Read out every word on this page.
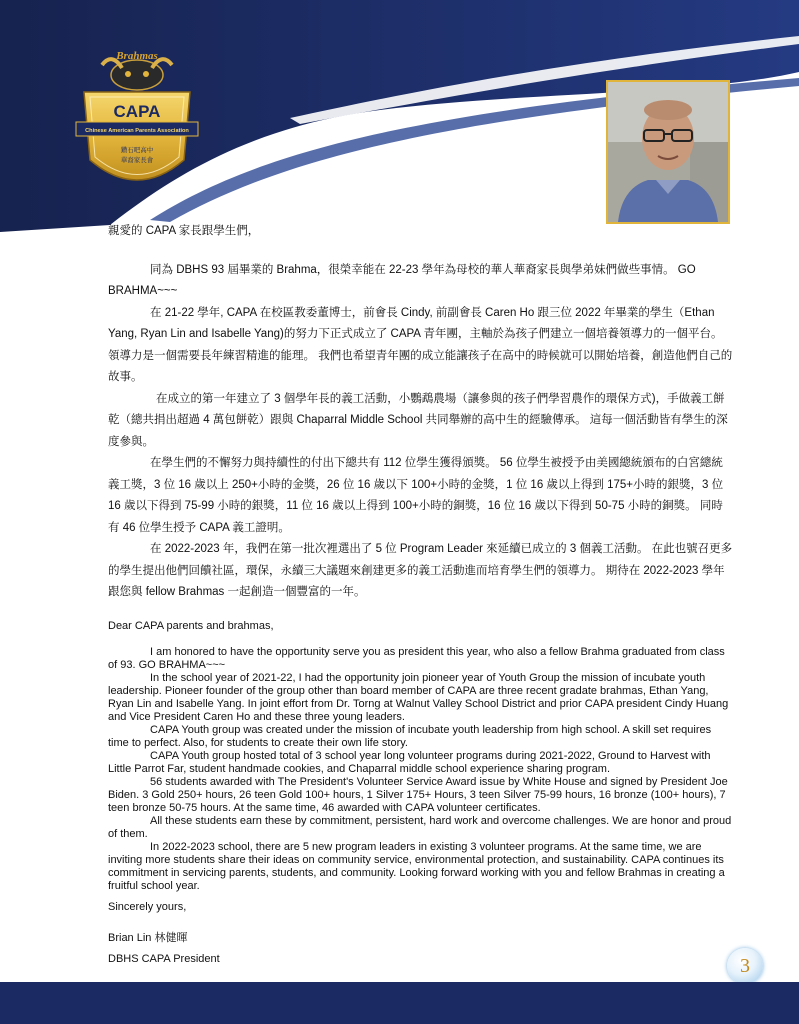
Brahmas
CAPA
Chinese American Parents Association
鑽石吧高中
華裔家長會

親愛的 CAPA 家長跟學生們，

同為 DBHS 93 屆畢業的 Brahma，很榮幸能在 22-23 學年為母校的華人華裔家長與學弟妹們做些事情。 GO BRAHMA~~~

在 21-22 學年, CAPA 在校區教委董博士，前會長 Cindy, 前副會長 Caren Ho 跟三位 2022 年畢業的學生（Ethan Yang, Ryan Lin and Isabelle Yang)的努力下正式成立了 CAPA 青年團，主軸於為孩子們建立一個培養領導力的一個平台。 領導力是一個需要長年練習精進的能理。 我們也希望青年團的成立能讓孩子在高中的時候就可以開始培養，創造他們自己的故事。

在成立的第一年建立了 3 個學年長的義工活動，小鸚鵡農場（讓參與的孩子們學習農作的環保方式)，手做義工餅乾（總共捐出超過 4 萬包餅乾）跟與 Chaparral Middle School 共同舉辦的高中生的經驗傳承。 這每一個活動皆有學生的深度參與。

在學生們的不懈努力與持續性的付出下總共有 112 位學生獲得頒獎。 56 位學生被授予由美國總統頒布的白宮總統義工獎，3 位 16 歲以上 250+小時的金獎，26 位 16 歲以下 100+小時的金獎，1 位 16 歲以上得到 175+小時的銀獎，3 位 16 歲以下得到 75-99 小時的銀獎，11 位 16 歲以上得到 100+小時的銅獎，16 位 16 歲以下得到 50-75 小時的銅獎。 同時有 46 位學生授予 CAPA 義工證明。

在 2022-2023 年，我們在第一批次裡選出了 5 位 Program Leader 來延續已成立的 3 個義工活動。 在此也號召更多的學生提出他們回饋社區，環保，永續三大議題來創建更多的義工活動進而培育學生們的領導力。 期待在 2022-2023 學年跟您與 fellow Brahmas 一起創造一個豐富的一年。

Dear CAPA parents and brahmas,

I am honored to have the opportunity serve you as president this year, who also a fellow Brahma graduated from class of 93. GO BRAHMA~~~

In the school year of 2021-22, I had the opportunity join pioneer year of Youth Group the mission of incubate youth leadership. Pioneer founder of the group other than board member of CAPA are three recent gradate brahmas, Ethan Yang, Ryan Lin and Isabelle Yang. In joint effort from Dr. Torng at Walnut Valley School District and prior CAPA president Cindy Huang and Vice President Caren Ho and these three young leaders.

CAPA Youth group was created under the mission of incubate youth leadership from high school. A skill set requires time to perfect. Also, for students to create their own life story.

CAPA Youth group hosted total of 3 school year long volunteer programs during 2021-2022, Ground to Harvest with Little Parrot Far, student handmade cookies, and Chaparral middle school experience sharing program.

56 students awarded with The President's Volunteer Service Award issue by White House and signed by President Joe Biden. 3 Gold 250+ hours, 26 teen Gold 100+ hours, 1 Silver 175+ Hours, 3 teen Silver 75-99 hours, 16 bronze (100+ hours), 7 teen bronze 50-75 hours. At the same time, 46 awarded with CAPA volunteer certificates.

All these students earn these by commitment, persistent, hard work and overcome challenges. We are honor and proud of them.

In 2022-2023 school, there are 5 new program leaders in existing 3 volunteer programs. At the same time, we are inviting more students share their ideas on community service, environmental protection, and sustainability. CAPA continues its commitment in servicing parents, students, and community. Looking forward working with you and fellow Brahmas in creating a fruitful school year.

Sincerely yours,

Brian Lin 林健暉

DBHS CAPA President	3
